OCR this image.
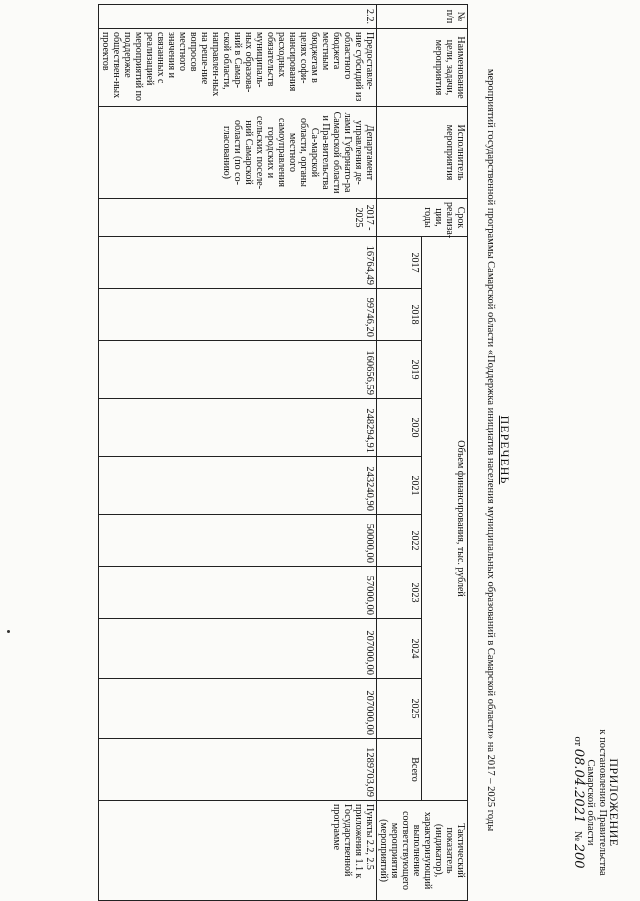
ПРИЛОЖЕНИЕ
к постановлению Правительства
Самарской области
от 08.04.2021   № 200
ПЕРЕЧЕНЬ
мероприятий государственной программы Самарской области «Поддержка инициатив населения муниципальных образований в Самарской области» на 2017 – 2025 годы
№ п/п	Наименование цели, задачи, мероприятия	Исполнитель мероприятия	Срок реализа-ции, годы	Объем финансирования, тыс. рублей										Тактический показатель (индикатор), характеризующий выполнение соответствующего мероприятия (мероприятий)
				2017	2018	2019	2020	2021	2022	2023	2024	2025	Всего	
2.2.	Предоставле-ние субсидий из областного бюджета местным бюджетам в целях софи-нансирования расходных обязательств муниципаль-ных образова-ний в Самар-ской области, направлен-ных на реше-ние вопросов местного значения и связанных с реализацией мероприятий по поддержке обществен-ных проектов	Департамент управления де-лами Губернато-ра Самарской области и Пра-вительства Са-марской области, органы местного самоуправления городских и сельских поселе-ний Самарской области (по со-гласованию)	2017 - 2025	16764,49	99746,20	160656,59	248294,91	243240,90	50000,00	57000,00	207000,00	207000,00	1289703,09	Пункты 2.2, 2.5 приложения 1.1 к Государственной программе
